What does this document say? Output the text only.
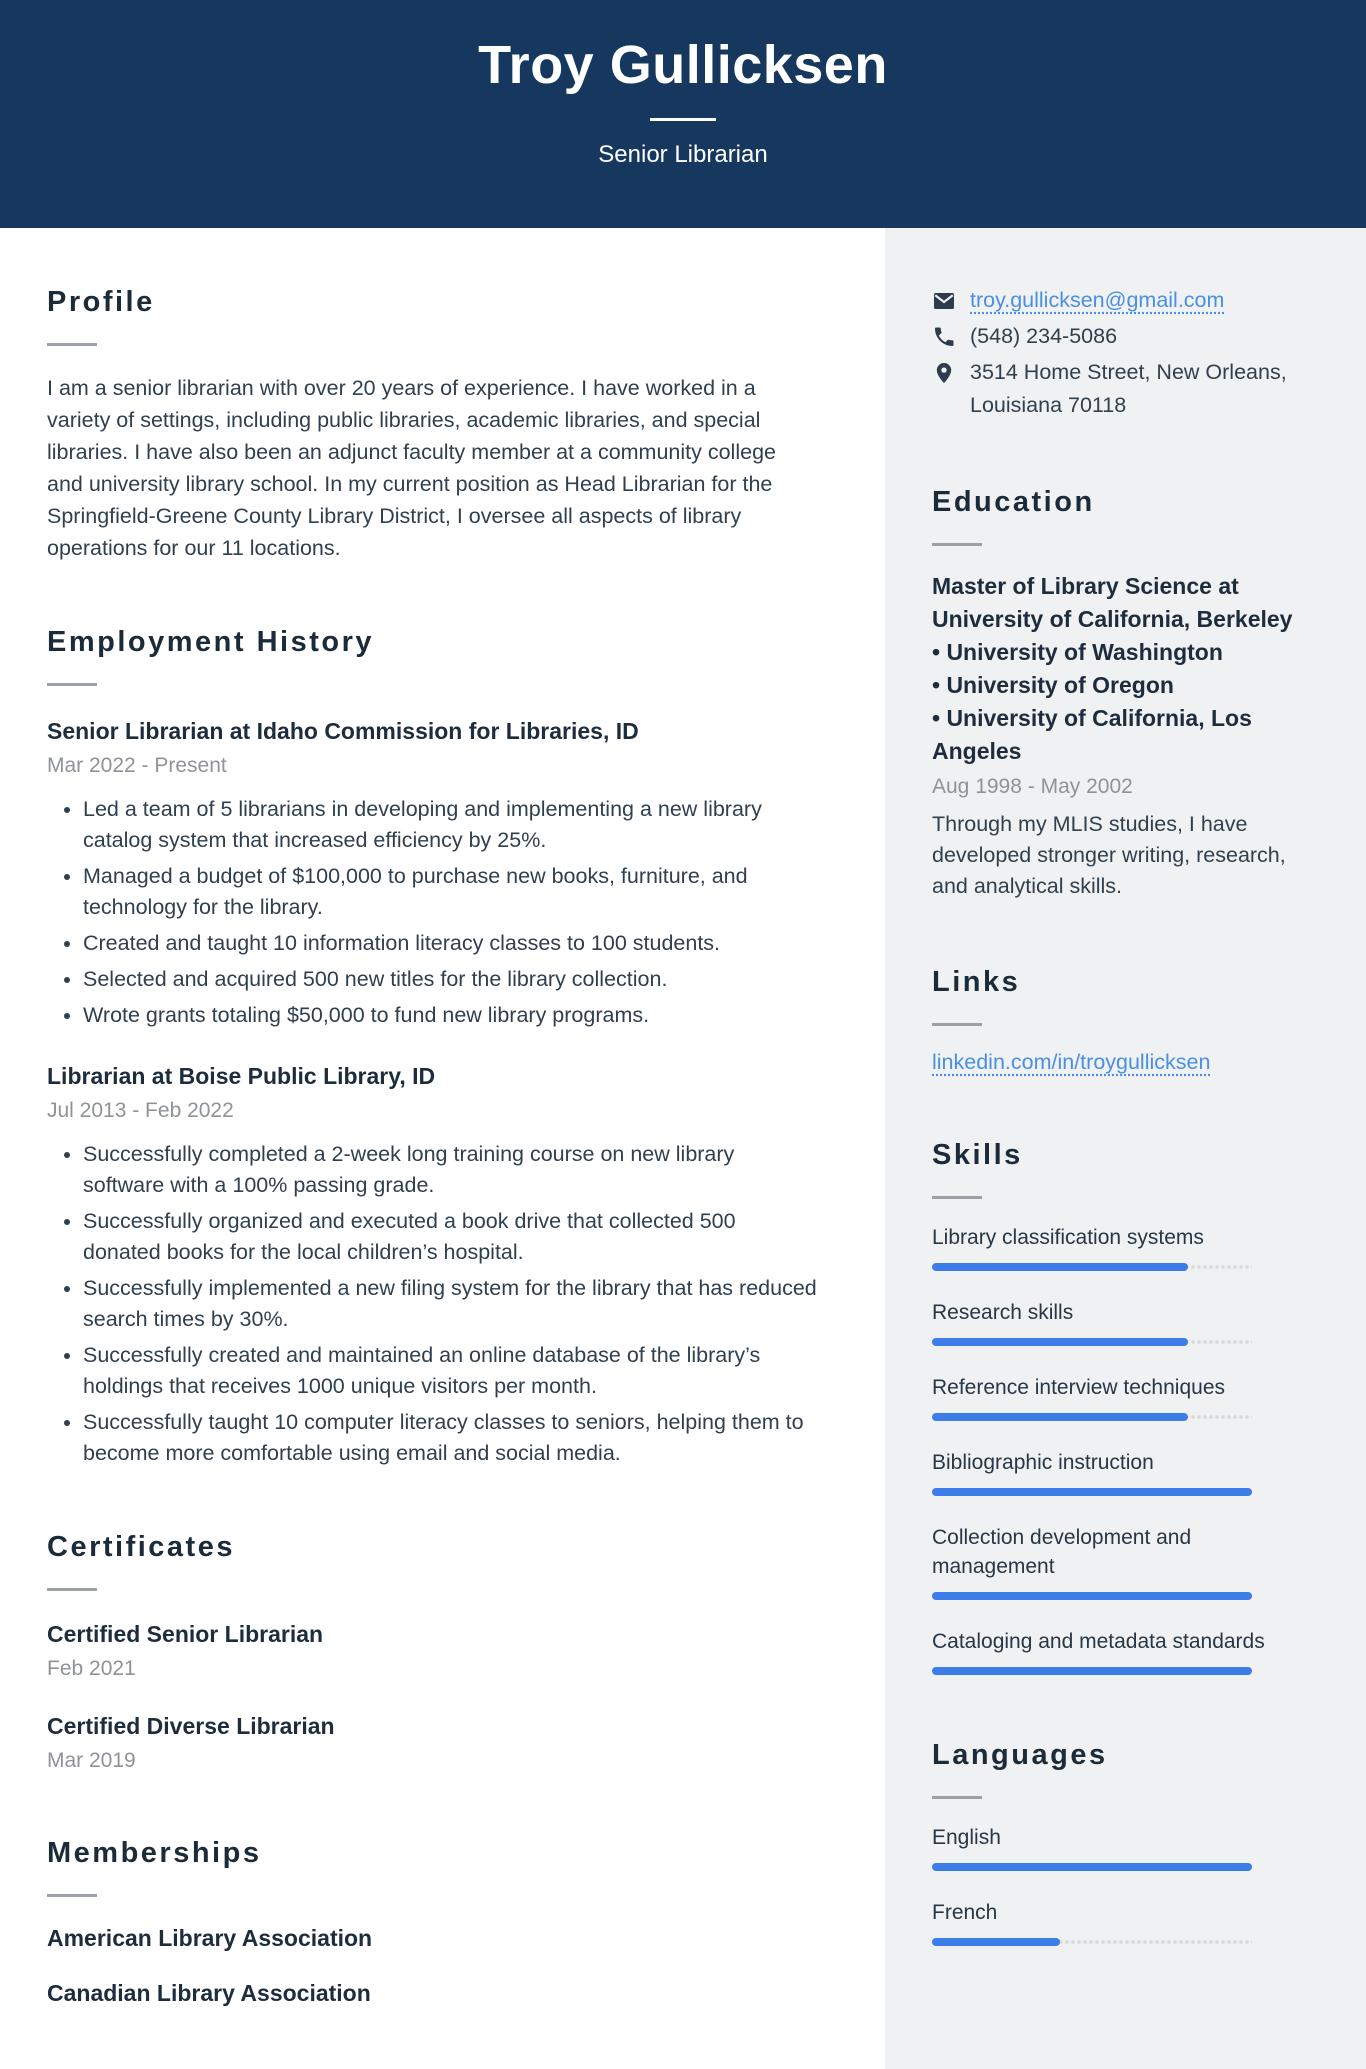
Troy Gullicksen
Senior Librarian
Profile

I am a senior librarian with over 20 years of experience. I have worked in a variety of settings, including public libraries, academic libraries, and special libraries. I have also been an adjunct faculty member at a community college and university library school. In my current position as Head Librarian for the Springfield-Greene County Library District, I oversee all aspects of library operations for our 11 locations.

Employment History
Senior Librarian at Idaho Commission for Libraries, ID
Mar 2022 - Present
• Led a team of 5 librarians in developing and implementing a new library catalog system that increased efficiency by 25%.
• Managed a budget of $100,000 to purchase new books, furniture, and technology for the library.
• Created and taught 10 information literacy classes to 100 students.
• Selected and acquired 500 new titles for the library collection.
• Wrote grants totaling $50,000 to fund new library programs.
Librarian at Boise Public Library, ID
Jul 2013 - Feb 2022
• Successfully completed a 2-week long training course on new library software with a 100% passing grade.
• Successfully organized and executed a book drive that collected 500 donated books for the local children’s hospital.
• Successfully implemented a new filing system for the library that has reduced search times by 30%.
• Successfully created and maintained an online database of the library’s holdings that receives 1000 unique visitors per month.
• Successfully taught 10 computer literacy classes to seniors, helping them to become more comfortable using email and social media.
Certificates
Certified Senior Librarian
Feb 2021
Certified Diverse Librarian
Mar 2019
Memberships
American Library Association
Canadian Library Association
troy.gullicksen@gmail.com
(548) 234-5086
3514 Home Street, New Orleans, Louisiana 70118
Education
Master of Library Science at University of California, Berkeley
• University of Washington
• University of Oregon
• University of California, Los Angeles
Aug 1998 - May 2002

Through my MLIS studies, I have developed stronger writing, research, and analytical skills.

Links
linkedin.com/in/troygullicksen
Skills
Library classification systems
Research skills
Reference interview techniques
Bibliographic instruction
Collection development and management
Cataloging and metadata standards
Languages
English
French
